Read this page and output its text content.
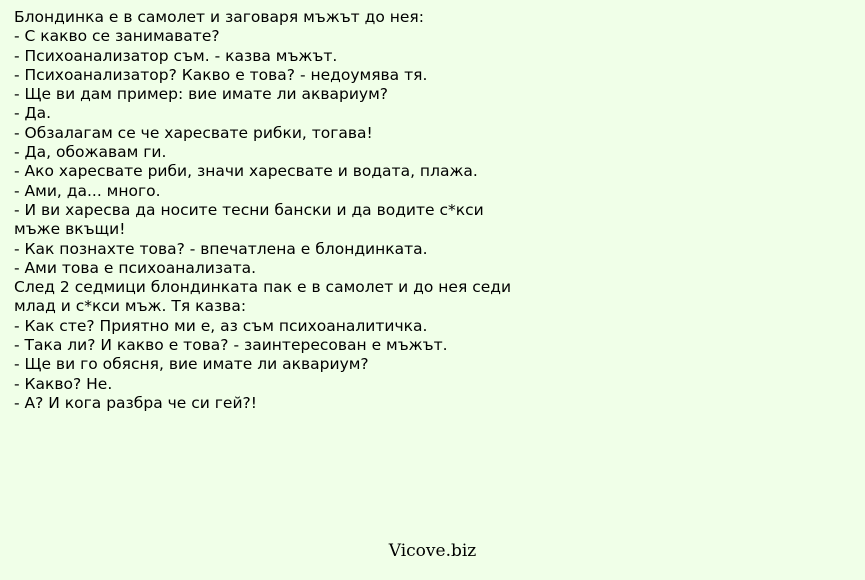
Блондинка е в самолет и заговаря мъжът до нея:
- С какво се занимавате?
- Психоанализатор съм. - казва мъжът.
- Психоанализатор? Какво е това? - недоумява тя.
- Ще ви дам пример: вие имате ли аквариум?
- Да.
- Обзалагам се че харесвате рибки, тогава!
- Да, обожавам ги.
- Ако харесвате риби, значи харесвате и водата, плажа.
- Ами, да... много.
- И ви харесва да носите тесни бански и да водите с*кси
мъже вкъщи!
- Как познахте това? - впечатлена е блондинката.
- Ами това е психоанализата.
След 2 седмици блондинката пак е в самолет и до нея седи
млад и с*кси мъж. Тя казва:
- Как сте? Приятно ми е, аз съм психоаналитичка.
- Така ли? И какво е това? - заинтересован е мъжът.
- Ще ви го обясня, вие имате ли аквариум?
- Какво? Не.
- А? И кога разбра че си гей?!
Vicove.biz
